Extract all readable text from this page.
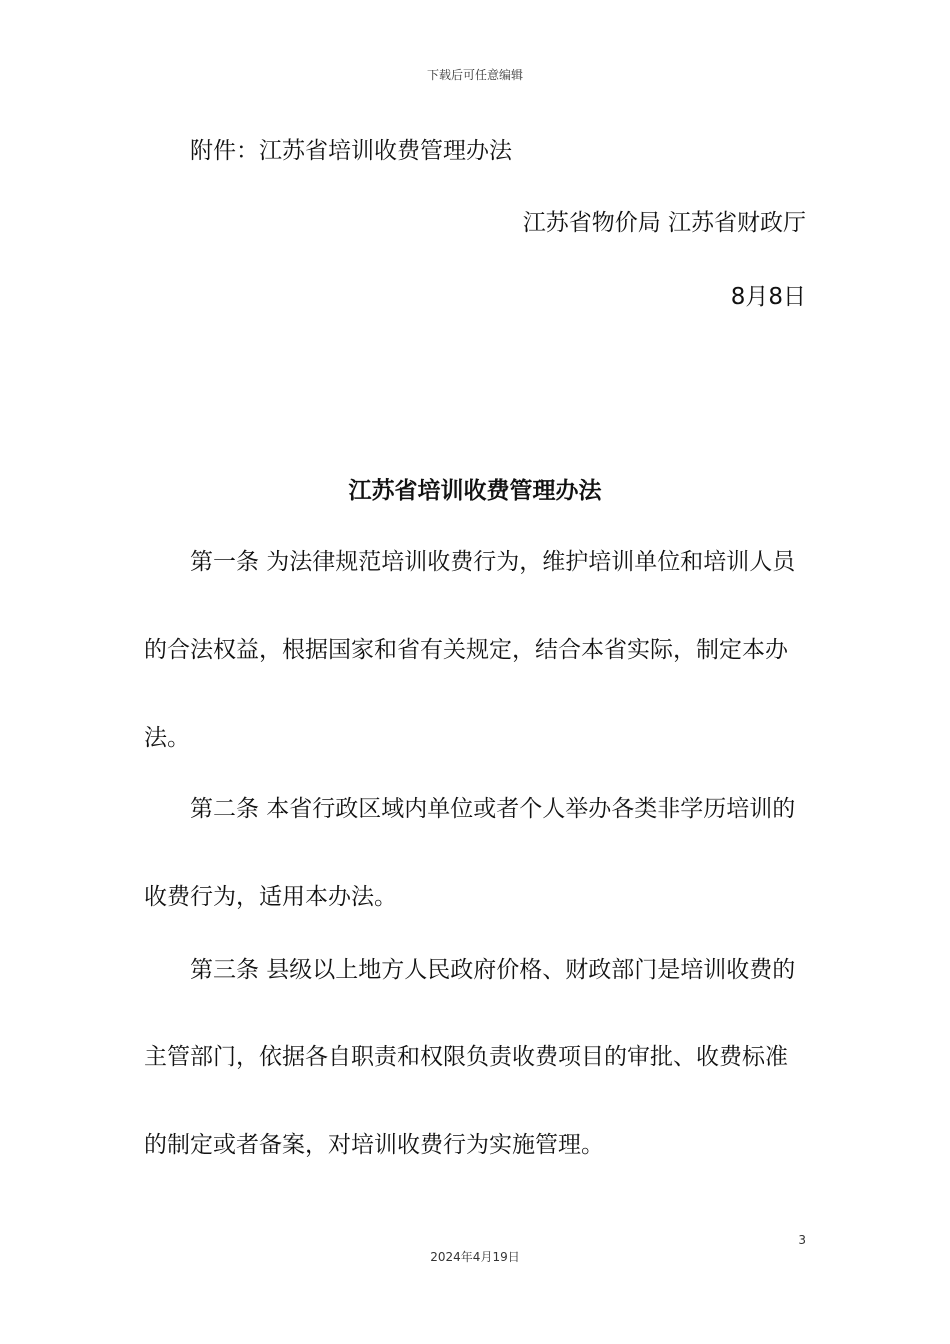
下载后可任意编辑
附件：江苏省培训收费管理办法
江苏省物价局 江苏省财政厅
8月8日
江苏省培训收费管理办法
第一条 为法律规范培训收费行为，维护培训单位和培训人员
的合法权益，根据国家和省有关规定，结合本省实际，制定本办
法。
第二条 本省行政区域内单位或者个人举办各类非学历培训的
收费行为，适用本办法。
第三条 县级以上地方人民政府价格、财政部门是培训收费的
主管部门，依据各自职责和权限负责收费项目的审批、收费标准
的制定或者备案，对培训收费行为实施管理。
3
2024年4月19日
